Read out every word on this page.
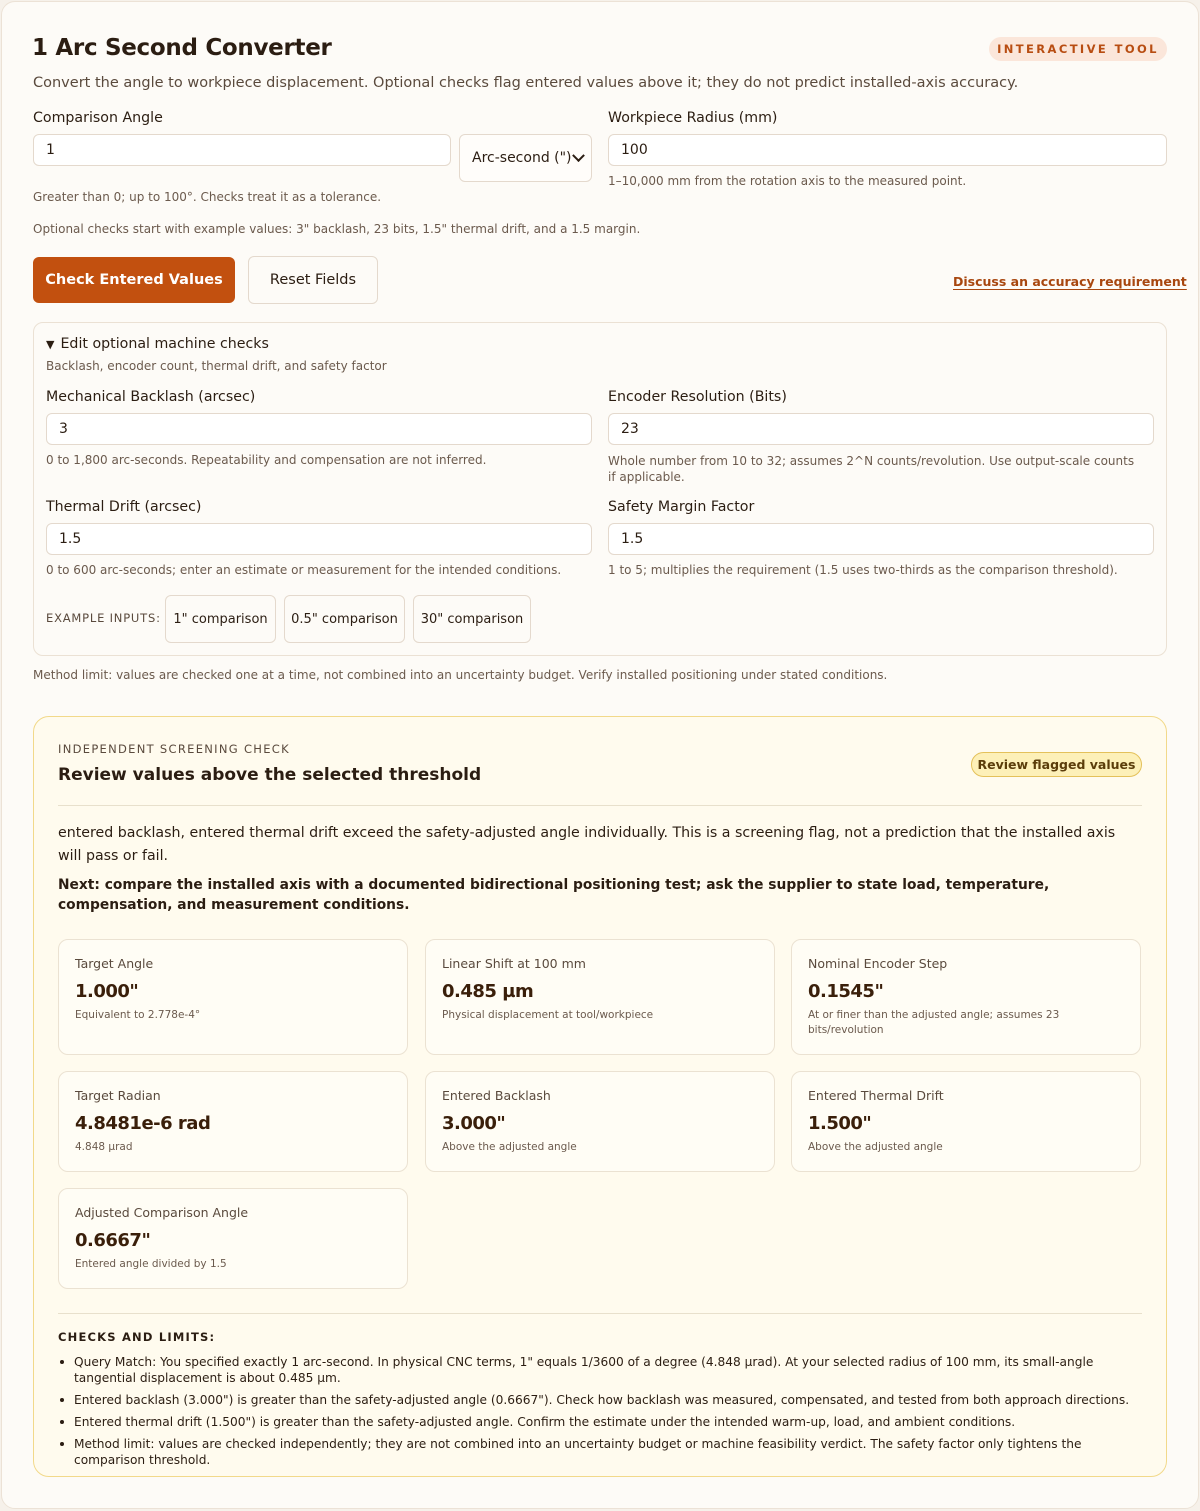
1 Arc Second Converter	INTERACTIVE TOOL
Convert the angle to workpiece displacement. Optional checks flag entered values above it; they do not predict installed-axis accuracy.
Comparison Angle
1	Arc-second (")
Greater than 0; up to 100°. Checks treat it as a tolerance.
Workpiece Radius (mm)
100
1–10,000 mm from the rotation axis to the measured point.
Optional checks start with example values: 3" backlash, 23 bits, 1.5" thermal drift, and a 1.5 margin.
Check Entered Values	Reset Fields	Discuss an accuracy requirement
▼ Edit optional machine checks
Backlash, encoder count, thermal drift, and safety factor
Mechanical Backlash (arcsec)
3
0 to 1,800 arc-seconds. Repeatability and compensation are not inferred.
Encoder Resolution (Bits)
23
Whole number from 10 to 32; assumes 2^N counts/revolution. Use output-scale counts if applicable.
Thermal Drift (arcsec)
1.5
0 to 600 arc-seconds; enter an estimate or measurement for the intended conditions.
Safety Margin Factor
1.5
1 to 5; multiplies the requirement (1.5 uses two-thirds as the comparison threshold).
EXAMPLE INPUTS: 1" comparison	0.5" comparison	30" comparison
Method limit: values are checked one at a time, not combined into an uncertainty budget. Verify installed positioning under stated conditions.
INDEPENDENT SCREENING CHECK
Review values above the selected threshold
Review flagged values
entered backlash, entered thermal drift exceed the safety-adjusted angle individually. This is a screening flag, not a prediction that the installed axis will pass or fail.
Next: compare the installed axis with a documented bidirectional positioning test; ask the supplier to state load, temperature, compensation, and measurement conditions.
Target Angle
1.000"
Equivalent to 2.778e-4°
Linear Shift at 100 mm
0.485 µm
Physical displacement at tool/workpiece
Nominal Encoder Step
0.1545"
At or finer than the adjusted angle; assumes 23 bits/revolution
Target Radian
4.8481e-6 rad
4.848 µrad
Entered Backlash
3.000"
Above the adjusted angle
Entered Thermal Drift
1.500"
Above the adjusted angle
Adjusted Comparison Angle
0.6667"
Entered angle divided by 1.5
CHECKS AND LIMITS:
Query Match: You specified exactly 1 arc-second. In physical CNC terms, 1" equals 1/3600 of a degree (4.848 µrad). At your selected radius of 100 mm, its small-angle tangential displacement is about 0.485 µm.
Entered backlash (3.000") is greater than the safety-adjusted angle (0.6667"). Check how backlash was measured, compensated, and tested from both approach directions.
Entered thermal drift (1.500") is greater than the safety-adjusted angle. Confirm the estimate under the intended warm-up, load, and ambient conditions.
Method limit: values are checked independently; they are not combined into an uncertainty budget or machine feasibility verdict. The safety factor only tightens the comparison threshold.
